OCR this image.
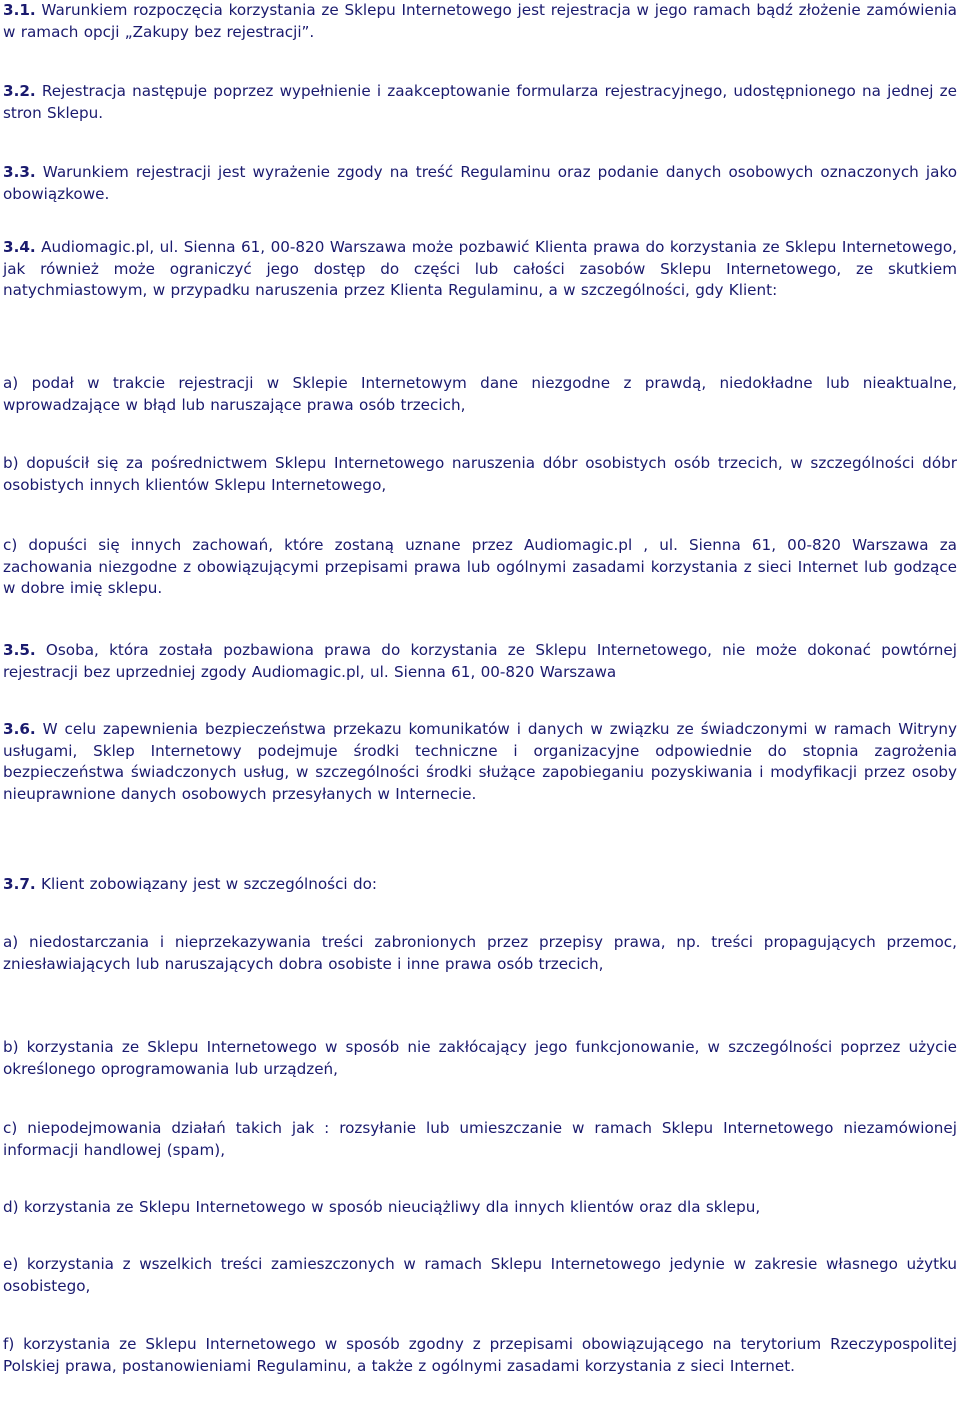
3.1. Warunkiem rozpoczęcia korzystania ze Sklepu Internetowego jest rejestracja w jego ramach bądź złożenie zamówienia w ramach opcji „Zakupy bez rejestracji”.

3.2. Rejestracja następuje poprzez wypełnienie i zaakceptowanie formularza rejestracyjnego, udostępnionego na jednej ze stron Sklepu.

3.3. Warunkiem rejestracji jest wyrażenie zgody na treść Regulaminu oraz podanie danych osobowych oznaczonych jako obowiązkowe.

3.4. Audiomagic.pl, ul. Sienna 61, 00-820 Warszawa może pozbawić Klienta prawa do korzystania ze Sklepu Internetowego, jak również może ograniczyć jego dostęp do części lub całości zasobów Sklepu Internetowego, ze skutkiem natychmiastowym, w przypadku naruszenia przez Klienta Regulaminu, a w szczególności, gdy Klient:

a) podał w trakcie rejestracji w Sklepie Internetowym dane niezgodne z prawdą, niedokładne lub nieaktualne, wprowadzające w błąd lub naruszające prawa osób trzecich,

b) dopuścił się za pośrednictwem Sklepu Internetowego naruszenia dóbr osobistych osób trzecich, w szczególności dóbr osobistych innych klientów Sklepu Internetowego,

c) dopuści się innych zachowań, które zostaną uznane przez Audiomagic.pl , ul. Sienna 61, 00-820 Warszawa za zachowania niezgodne z obowiązującymi przepisami prawa lub ogólnymi zasadami korzystania z sieci Internet lub godzące w dobre imię sklepu.

3.5. Osoba, która została pozbawiona prawa do korzystania ze Sklepu Internetowego, nie może dokonać powtórnej rejestracji bez uprzedniej zgody Audiomagic.pl, ul. Sienna 61, 00-820 Warszawa

3.6. W celu zapewnienia bezpieczeństwa przekazu komunikatów i danych w związku ze świadczonymi w ramach Witryny usługami, Sklep Internetowy podejmuje środki techniczne i organizacyjne odpowiednie do stopnia zagrożenia bezpieczeństwa świadczonych usług, w szczególności środki służące zapobieganiu pozyskiwania i modyfikacji przez osoby nieuprawnione danych osobowych przesyłanych w Internecie.

3.7. Klient zobowiązany jest w szczególności do:

a) niedostarczania i nieprzekazywania treści zabronionych przez przepisy prawa, np. treści propagujących przemoc, zniesławiających lub naruszających dobra osobiste i inne prawa osób trzecich,

b) korzystania ze Sklepu Internetowego w sposób nie zakłócający jego funkcjonowanie, w szczególności poprzez użycie określonego oprogramowania lub urządzeń,

c) niepodejmowania działań takich jak : rozsyłanie lub umieszczanie w ramach Sklepu Internetowego niezamówionej informacji handlowej (spam),

d) korzystania ze Sklepu Internetowego w sposób nieuciążliwy dla innych klientów oraz dla sklepu,

e) korzystania z wszelkich treści zamieszczonych w ramach Sklepu Internetowego jedynie w zakresie własnego użytku osobistego,

f) korzystania ze Sklepu Internetowego w sposób zgodny z przepisami obowiązującego na terytorium Rzeczypospolitej Polskiej prawa, postanowieniami Regulaminu, a także z ogólnymi zasadami korzystania z sieci Internet.
